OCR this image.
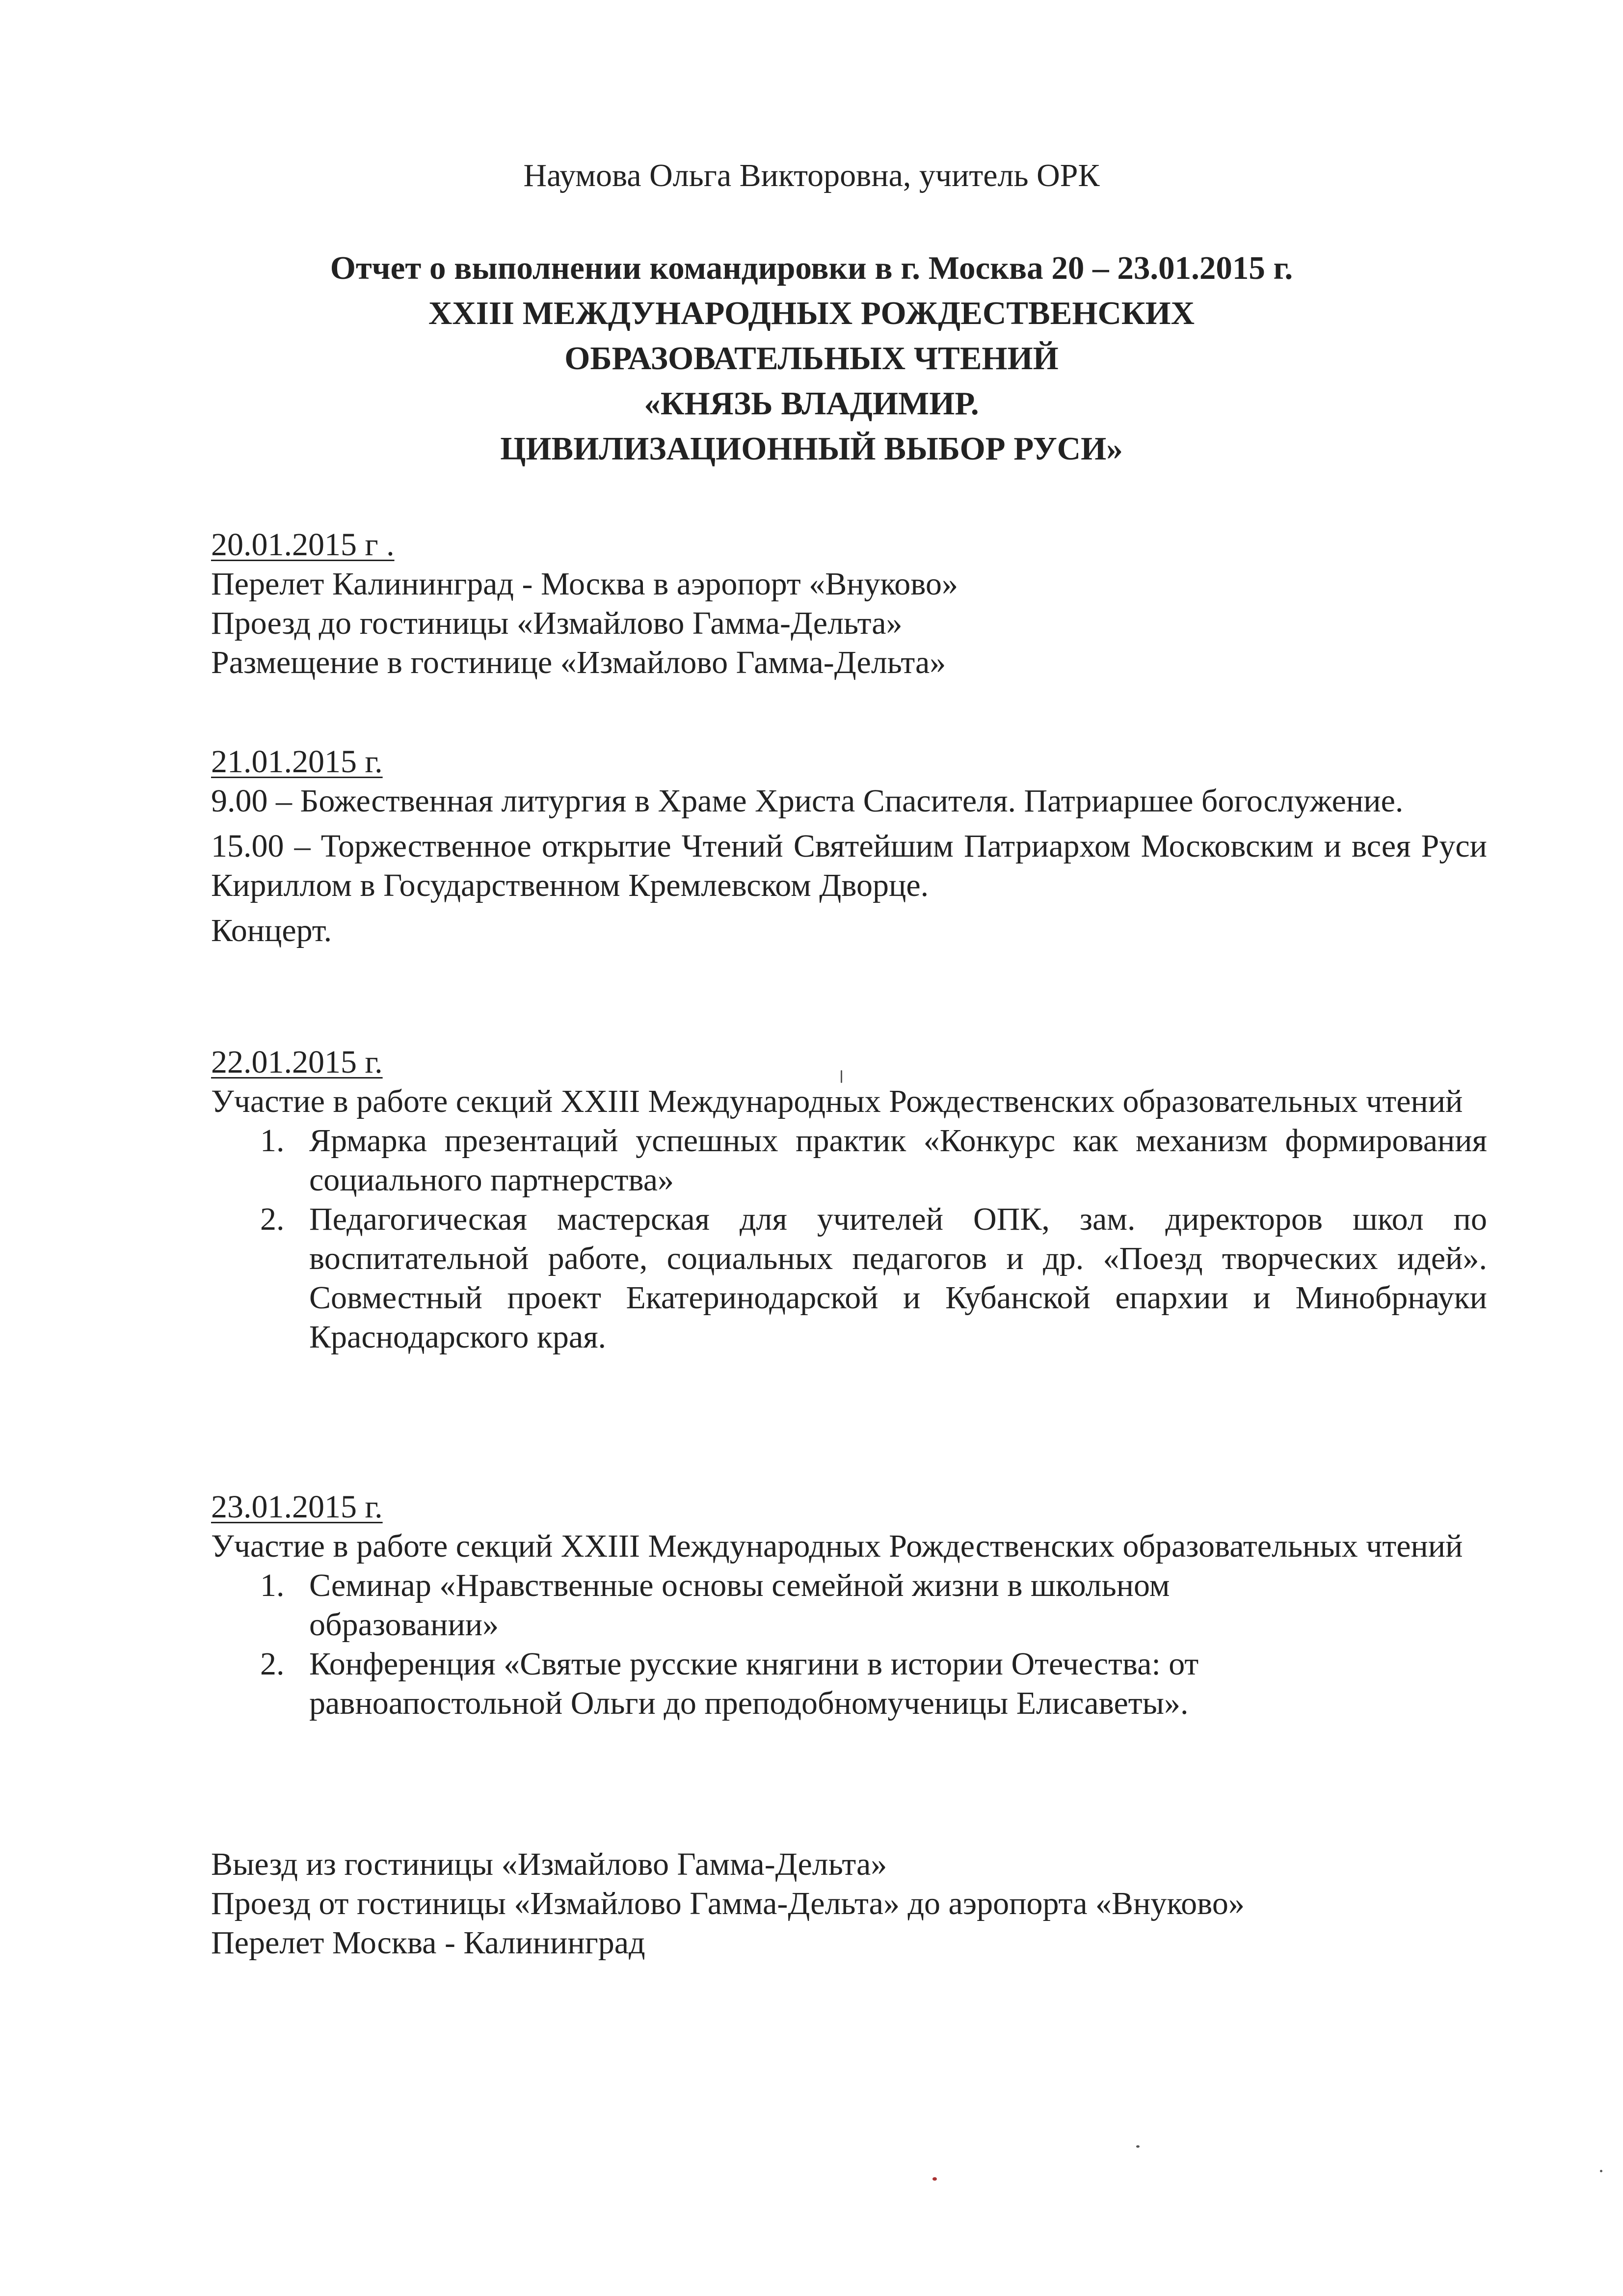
Наумова Ольга Викторовна, учитель ОРК
Отчет о выполнении командировки в г. Москва 20 – 23.01.2015 г.
XXIII МЕЖДУНАРОДНЫХ РОЖДЕСТВЕНСКИХ
ОБРАЗОВАТЕЛЬНЫХ ЧТЕНИЙ
«КНЯЗЬ ВЛАДИМИР.
ЦИВИЛИЗАЦИОННЫЙ ВЫБОР РУСИ»
20.01.2015 г .
Перелет Калининград - Москва в аэропорт «Внуково»
Проезд до гостиницы «Измайлово Гамма-Дельта»
Размещение в гостинице «Измайлово Гамма-Дельта»
21.01.2015 г.
9.00 – Божественная литургия в Храме Христа Спасителя. Патриаршее богослужение.
15.00 – Торжественное открытие Чтений Святейшим Патриархом Московским и всея Руси Кириллом в Государственном Кремлевском Дворце.
Концерт.
22.01.2015 г.
Участие в работе секций XXIII Международных Рождественских образовательных чтений
1. Ярмарка презентаций успешных практик «Конкурс как механизм формирования социального партнерства»
2. Педагогическая мастерская для учителей ОПК, зам. директоров школ по воспитательной работе, социальных педагогов и др. «Поезд творческих идей». Совместный проект Екатеринодарской и Кубанской епархии и Минобрнауки Краснодарского края.
23.01.2015 г.
Участие в работе секций XXIII Международных Рождественских образовательных чтений
1. Семинар «Нравственные основы семейной жизни в школьном образовании»
2. Конференция «Святые русские княгини в истории Отечества: от равноапостольной Ольги до преподобномученицы Елисаветы».
Выезд из гостиницы «Измайлово Гамма-Дельта»
Проезд от гостиницы «Измайлово Гамма-Дельта» до аэропорта «Внуково»
Перелет Москва - Калининград
